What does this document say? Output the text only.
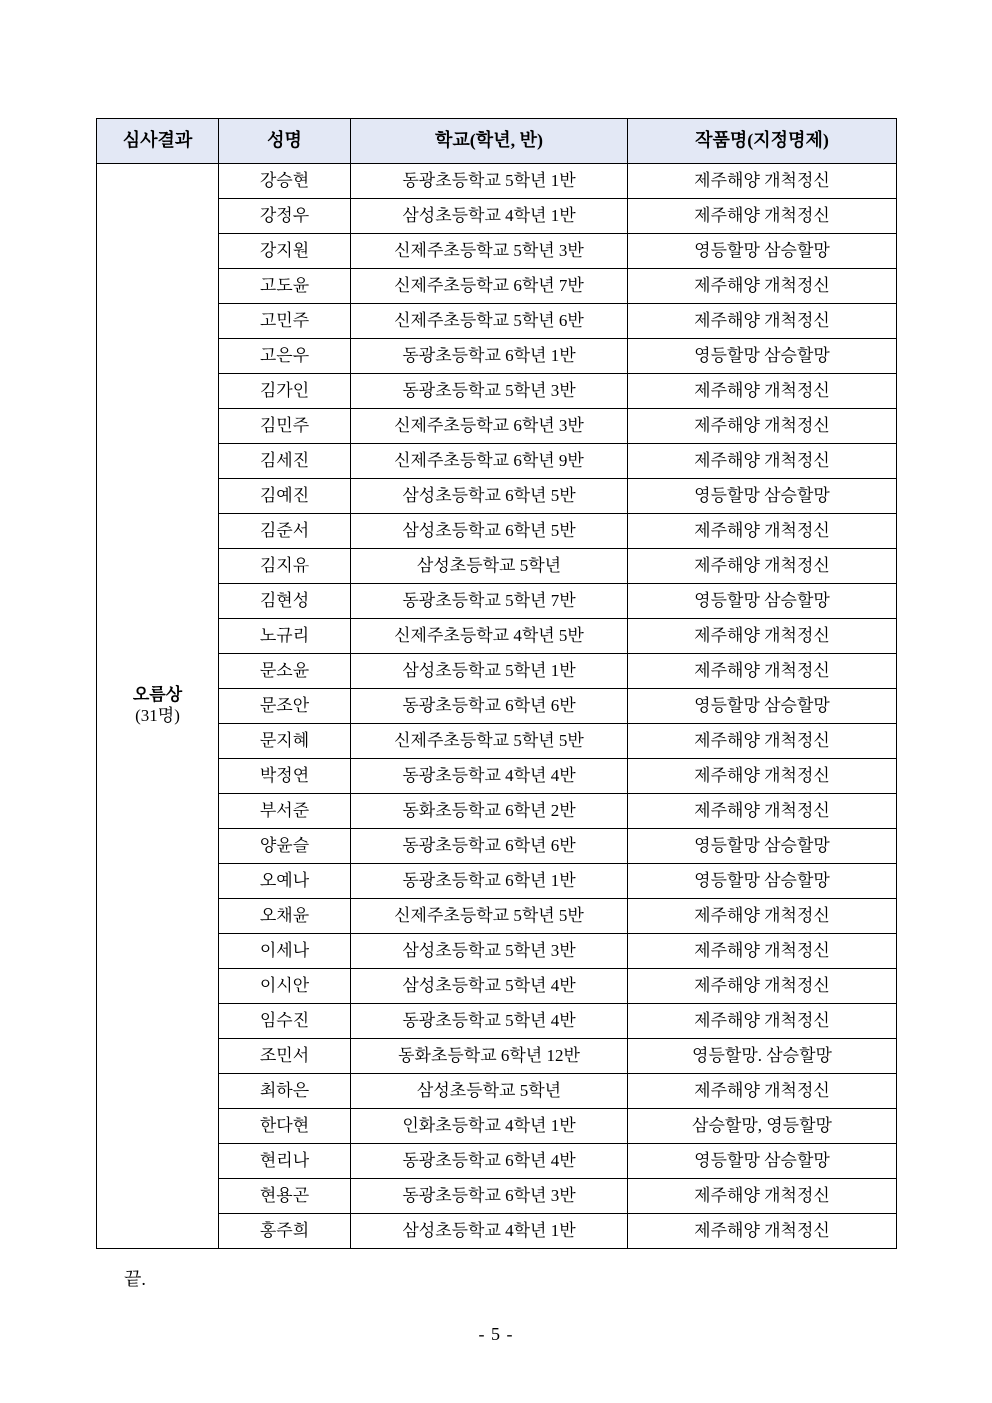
심사결과	성명	학교(학년, 반)	작품명(지정명제)
오름상
(31명)	강승현	동광초등학교 5학년 1반	제주해양 개척정신
	강정우	삼성초등학교 4학년 1반	제주해양 개척정신
	강지원	신제주초등학교 5학년 3반	영등할망 삼승할망
	고도윤	신제주초등학교 6학년 7반	제주해양 개척정신
	고민주	신제주초등학교 5학년 6반	제주해양 개척정신
	고은우	동광초등학교 6학년 1반	영등할망 삼승할망
	김가인	동광초등학교 5학년 3반	제주해양 개척정신
	김민주	신제주초등학교 6학년 3반	제주해양 개척정신
	김세진	신제주초등학교 6학년 9반	제주해양 개척정신
	김예진	삼성초등학교 6학년 5반	영등할망 삼승할망
	김준서	삼성초등학교 6학년 5반	제주해양 개척정신
	김지유	삼성초등학교 5학년	제주해양 개척정신
	김현성	동광초등학교 5학년 7반	영등할망 삼승할망
	노규리	신제주초등학교 4학년 5반	제주해양 개척정신
	문소윤	삼성초등학교 5학년 1반	제주해양 개척정신
	문조안	동광초등학교 6학년 6반	영등할망 삼승할망
	문지혜	신제주초등학교 5학년 5반	제주해양 개척정신
	박정연	동광초등학교 4학년 4반	제주해양 개척정신
	부서준	동화초등학교 6학년 2반	제주해양 개척정신
	양윤슬	동광초등학교 6학년 6반	영등할망 삼승할망
	오예나	동광초등학교 6학년 1반	영등할망 삼승할망
	오채윤	신제주초등학교 5학년 5반	제주해양 개척정신
	이세나	삼성초등학교 5학년 3반	제주해양 개척정신
	이시안	삼성초등학교 5학년 4반	제주해양 개척정신
	임수진	동광초등학교 5학년 4반	제주해양 개척정신
	조민서	동화초등학교 6학년 12반	영등할망. 삼승할망
	최하은	삼성초등학교 5학년	제주해양 개척정신
	한다현	인화초등학교 4학년 1반	삼승할망, 영등할망
	현리나	동광초등학교 6학년 4반	영등할망 삼승할망
	현용곤	동광초등학교 6학년 3반	제주해양 개척정신
	홍주희	삼성초등학교 4학년 1반	제주해양 개척정신
끝.
- 5 -
